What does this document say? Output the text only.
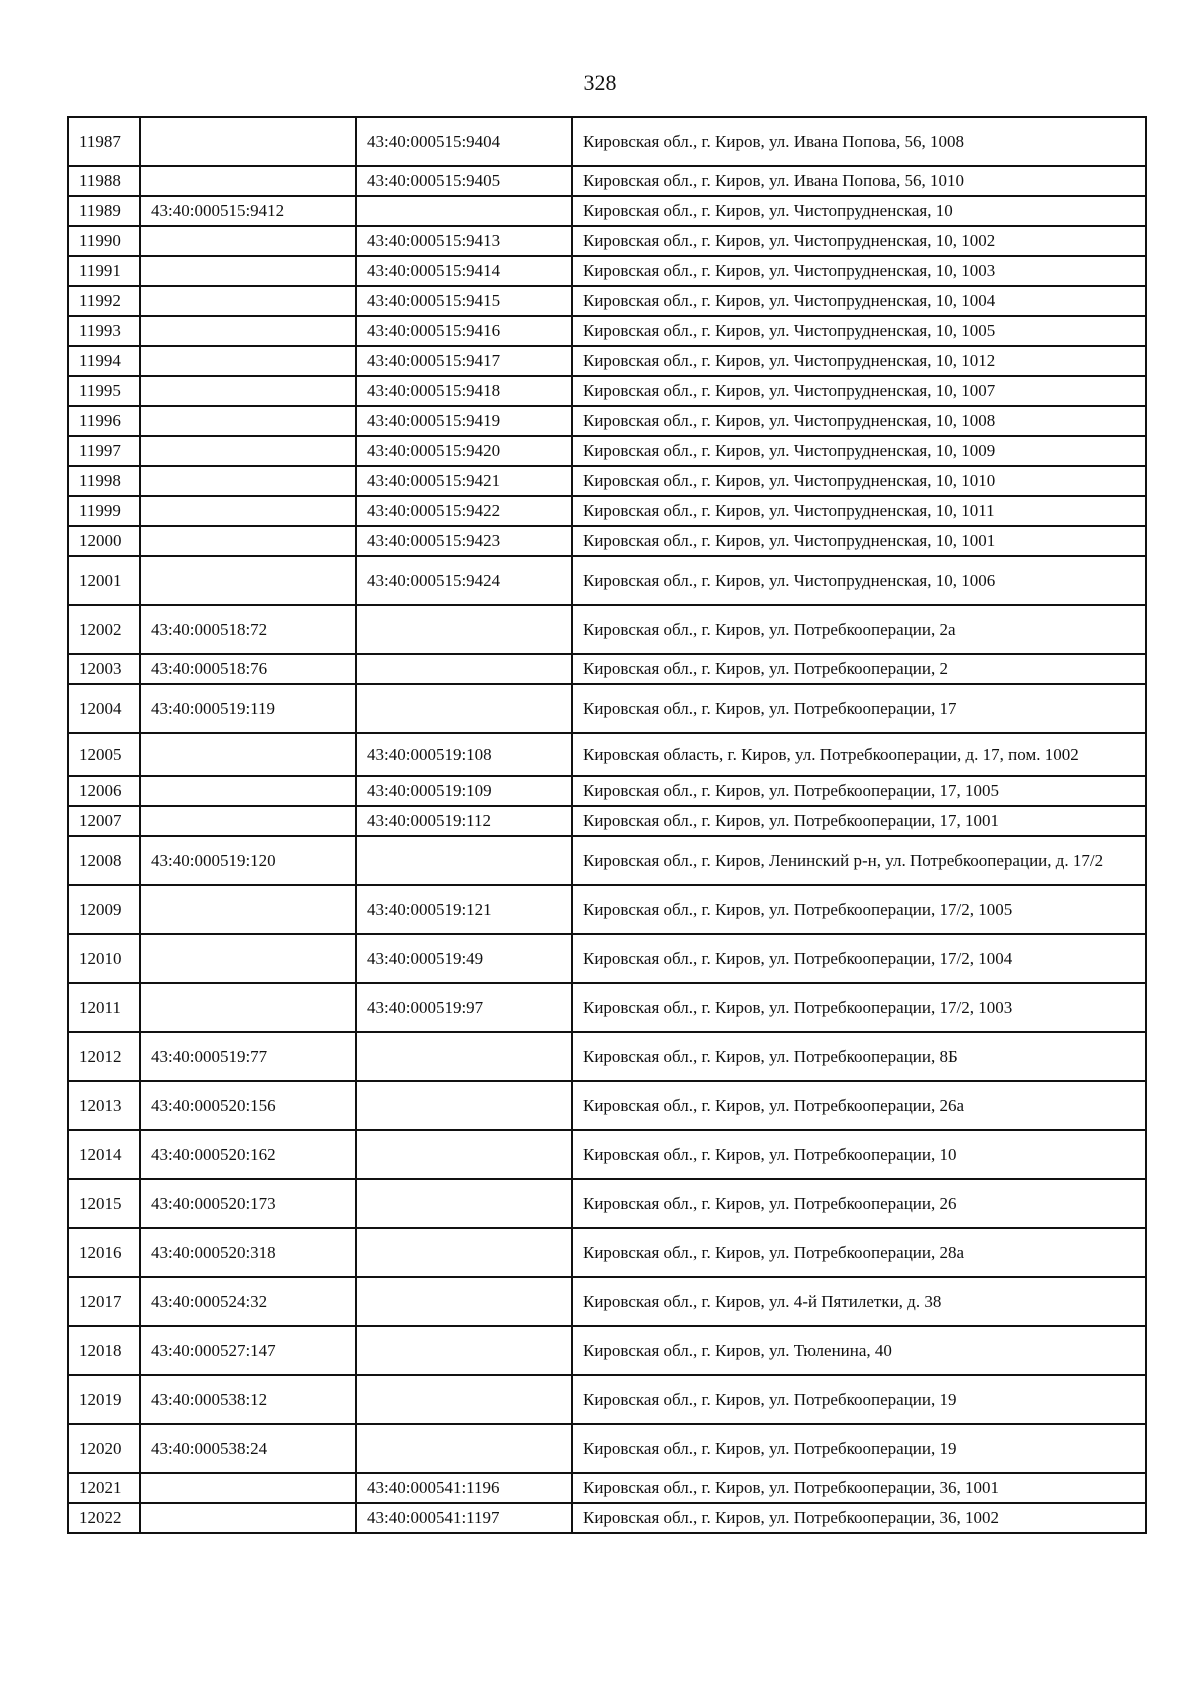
328
11987		43:40:000515:9404	Кировская обл., г. Киров, ул. Ивана Попова, 56, 1008
11988		43:40:000515:9405	Кировская обл., г. Киров, ул. Ивана Попова, 56, 1010
11989	43:40:000515:9412		Кировская обл., г. Киров, ул. Чистопрудненская, 10
11990		43:40:000515:9413	Кировская обл., г. Киров, ул. Чистопрудненская, 10, 1002
11991		43:40:000515:9414	Кировская обл., г. Киров, ул. Чистопрудненская, 10, 1003
11992		43:40:000515:9415	Кировская обл., г. Киров, ул. Чистопрудненская, 10, 1004
11993		43:40:000515:9416	Кировская обл., г. Киров, ул. Чистопрудненская, 10, 1005
11994		43:40:000515:9417	Кировская обл., г. Киров, ул. Чистопрудненская, 10, 1012
11995		43:40:000515:9418	Кировская обл., г. Киров, ул. Чистопрудненская, 10, 1007
11996		43:40:000515:9419	Кировская обл., г. Киров, ул. Чистопрудненская, 10, 1008
11997		43:40:000515:9420	Кировская обл., г. Киров, ул. Чистопрудненская, 10, 1009
11998		43:40:000515:9421	Кировская обл., г. Киров, ул. Чистопрудненская, 10, 1010
11999		43:40:000515:9422	Кировская обл., г. Киров, ул. Чистопрудненская, 10, 1011
12000		43:40:000515:9423	Кировская обл., г. Киров, ул. Чистопрудненская, 10, 1001
12001		43:40:000515:9424	Кировская обл., г. Киров, ул. Чистопрудненская, 10, 1006
12002	43:40:000518:72		Кировская обл., г. Киров, ул. Потребкооперации, 2а
12003	43:40:000518:76		Кировская обл., г. Киров, ул. Потребкооперации, 2
12004	43:40:000519:119		Кировская обл., г. Киров, ул. Потребкооперации, 17
12005		43:40:000519:108	Кировская область, г. Киров, ул. Потребкооперации, д. 17, пом. 1002
12006		43:40:000519:109	Кировская обл., г. Киров, ул. Потребкооперации, 17, 1005
12007		43:40:000519:112	Кировская обл., г. Киров, ул. Потребкооперации, 17, 1001
12008	43:40:000519:120		Кировская обл., г. Киров, Ленинский р-н, ул. Потребкооперации, д. 17/2
12009		43:40:000519:121	Кировская обл., г. Киров, ул. Потребкооперации, 17/2, 1005
12010		43:40:000519:49	Кировская обл., г. Киров, ул. Потребкооперации, 17/2, 1004
12011		43:40:000519:97	Кировская обл., г. Киров, ул. Потребкооперации, 17/2, 1003
12012	43:40:000519:77		Кировская обл., г. Киров, ул. Потребкооперации, 8Б
12013	43:40:000520:156		Кировская обл., г. Киров, ул. Потребкооперации, 26а
12014	43:40:000520:162		Кировская обл., г. Киров, ул. Потребкооперации, 10
12015	43:40:000520:173		Кировская обл., г. Киров, ул. Потребкооперации, 26
12016	43:40:000520:318		Кировская обл., г. Киров, ул. Потребкооперации, 28а
12017	43:40:000524:32		Кировская обл., г. Киров, ул. 4-й Пятилетки, д. 38
12018	43:40:000527:147		Кировская обл., г. Киров, ул. Тюленина, 40
12019	43:40:000538:12		Кировская обл., г. Киров, ул. Потребкооперации, 19
12020	43:40:000538:24		Кировская обл., г. Киров, ул. Потребкооперации, 19
12021		43:40:000541:1196	Кировская обл., г. Киров, ул. Потребкооперации, 36, 1001
12022		43:40:000541:1197	Кировская обл., г. Киров, ул. Потребкооперации, 36, 1002
